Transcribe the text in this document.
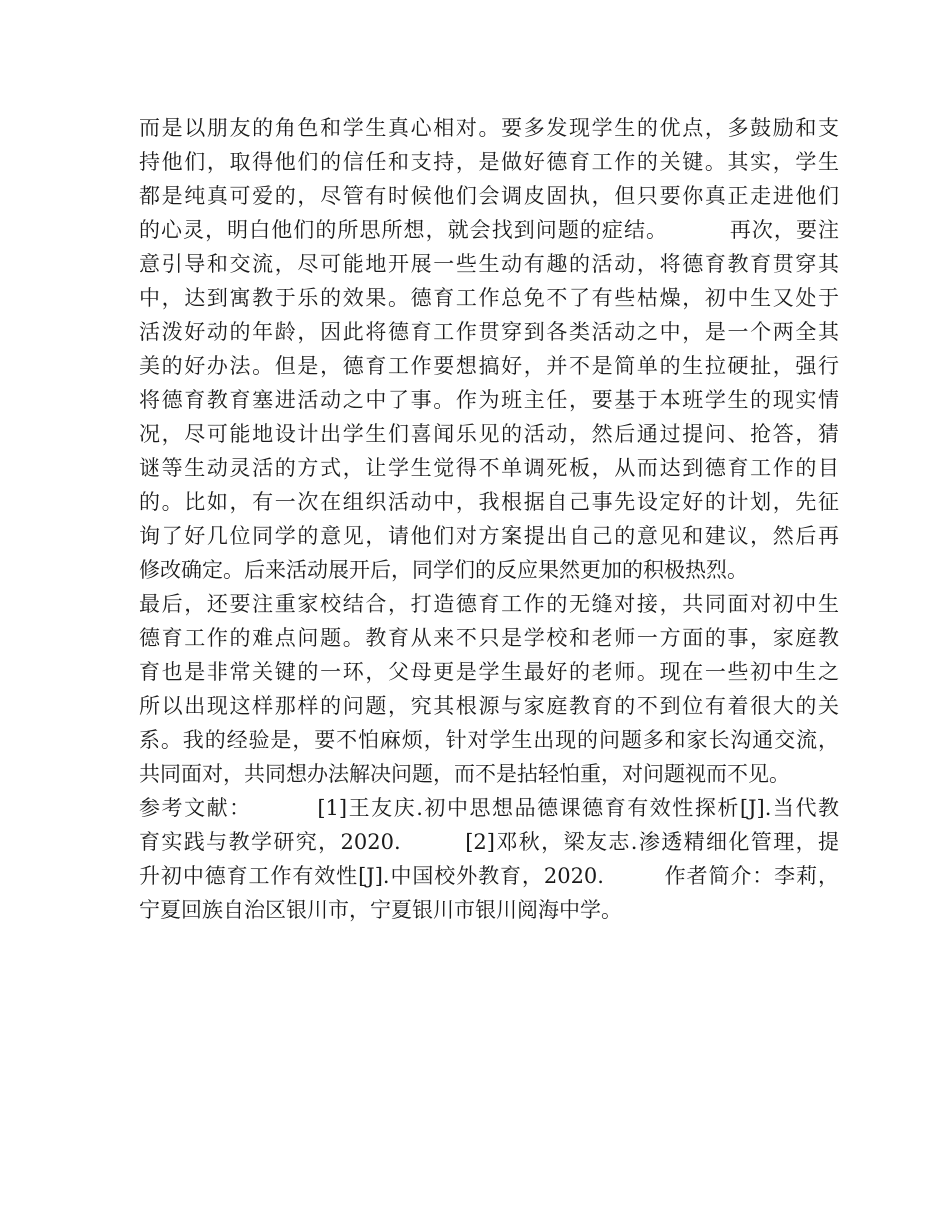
而是以朋友的角色和学生真心相对。要多发现学生的优点，多鼓励和支
持他们，取得他们的信任和支持，是做好德育工作的关键。其实，学生
都是纯真可爱的，尽管有时候他们会调皮固执，但只要你真正走进他们
的心灵，明白他们的所思所想，就会找到问题的症结。        再次，要注
意引导和交流，尽可能地开展一些生动有趣的活动，将德育教育贯穿其
中，达到寓教于乐的效果。德育工作总免不了有些枯燥，初中生又处于
活泼好动的年龄，因此将德育工作贯穿到各类活动之中，是一个两全其
美的好办法。但是，德育工作要想搞好，并不是简单的生拉硬扯，强行
将德育教育塞进活动之中了事。作为班主任，要基于本班学生的现实情
况，尽可能地设计出学生们喜闻乐见的活动，然后通过提问、抢答，猜
谜等生动灵活的方式，让学生觉得不单调死板，从而达到德育工作的目
的。比如，有一次在组织活动中，我根据自己事先设定好的计划，先征
询了好几位同学的意见，请他们对方案提出自己的意见和建议，然后再
修改确定。后来活动展开后，同学们的反应果然更加的积极热烈。
最后，还要注重家校结合，打造德育工作的无缝对接，共同面对初中生
德育工作的难点问题。教育从来不只是学校和老师一方面的事，家庭教
育也是非常关键的一环，父母更是学生最好的老师。现在一些初中生之
所以出现这样那样的问题，究其根源与家庭教育的不到位有着很大的关
系。我的经验是，要不怕麻烦，针对学生出现的问题多和家长沟通交流，
共同面对，共同想办法解决问题，而不是拈轻怕重，对问题视而不见。
参考文献：        [1]王友庆.初中思想品德课德育有效性探析[J].当代教
育实践与教学研究，2020.        [2]邓秋，梁友志.渗透精细化管理，提
升初中德育工作有效性[J].中国校外教育，2020.        作者简介：李莉，
宁夏回族自治区银川市，宁夏银川市银川阅海中学。
